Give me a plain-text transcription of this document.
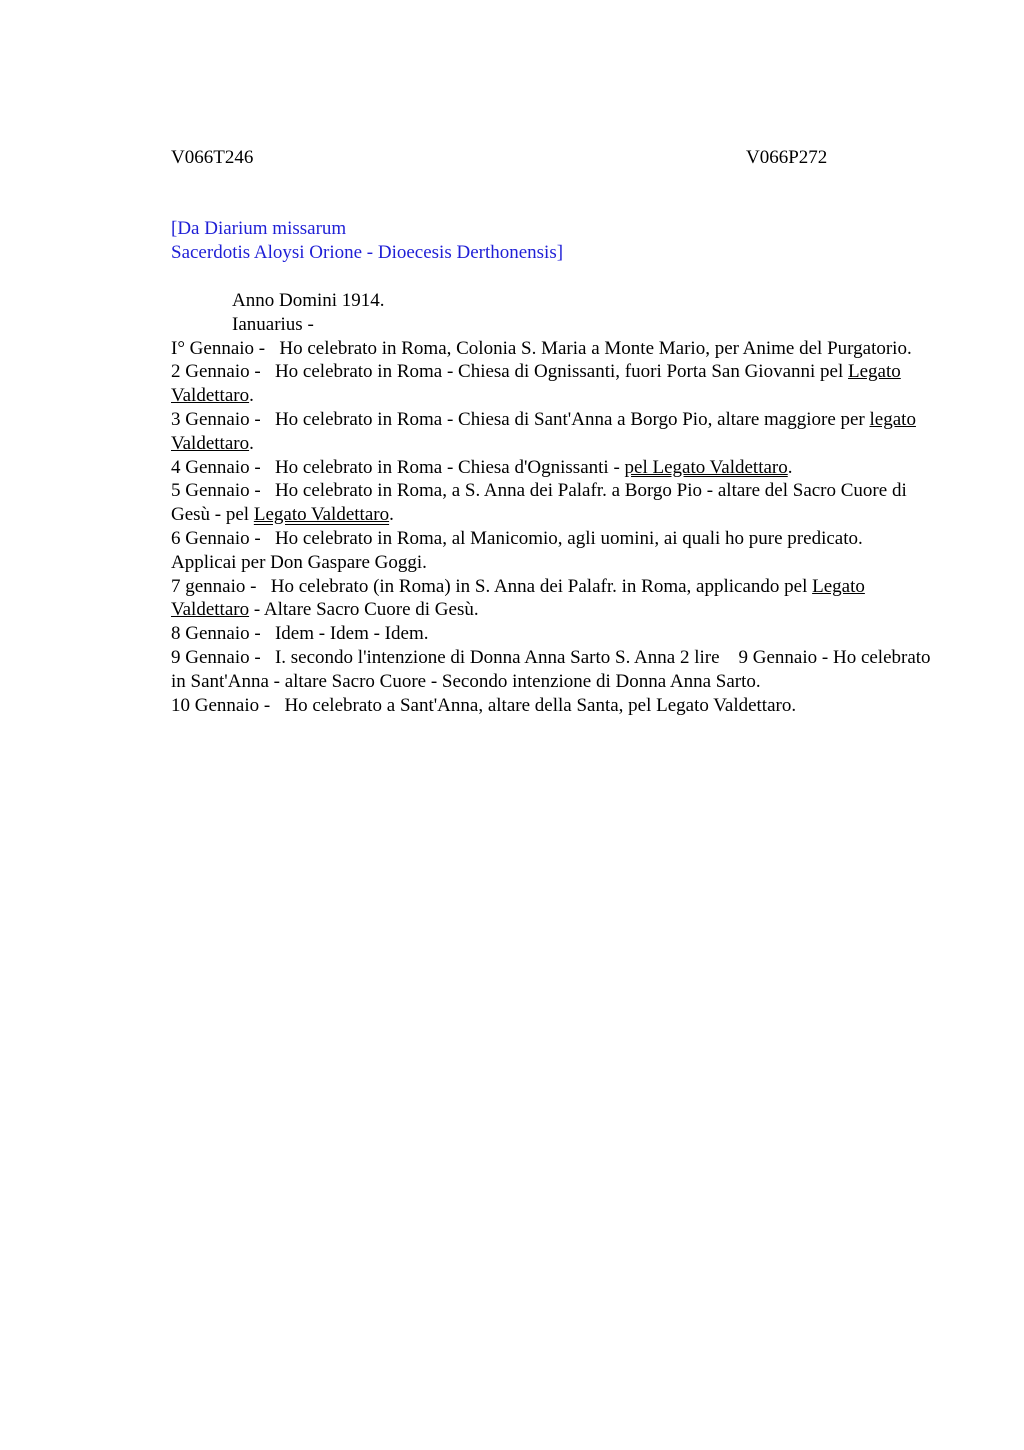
V066T246	V066P272
[Da Diarium missarum
Sacerdotis Aloysi Orione - Dioecesis Derthonensis]
Anno Domini 1914.
Ianuarius -

I° Gennaio - Ho celebrato in Roma, Colonia S. Maria a Monte Mario, per Anime del Purgatorio.

2 Gennaio - Ho celebrato in Roma - Chiesa di Ognissanti, fuori Porta San Giovanni pel Legato Valdettaro.

3 Gennaio - Ho celebrato in Roma - Chiesa di Sant'Anna a Borgo Pio, altare maggiore per legato Valdettaro.

4 Gennaio - Ho celebrato in Roma - Chiesa d'Ognissanti - pel Legato Valdettaro.

5 Gennaio - Ho celebrato in Roma, a S. Anna dei Palafr. a Borgo Pio - altare del Sacro Cuore di Gesù - pel Legato Valdettaro.

6 Gennaio - Ho celebrato in Roma, al Manicomio, agli uomini, ai quali ho pure predicato. Applicai per Don Gaspare Goggi.

7 gennaio - Ho celebrato (in Roma) in S. Anna dei Palafr. in Roma, applicando pel Legato Valdettaro - Altare Sacro Cuore di Gesù.

8 Gennaio - Idem - Idem - Idem.

9 Gennaio - I. secondo l'intenzione di Donna Anna Sarto S. Anna 2 lire 9 Gennaio - Ho celebrato in Sant'Anna - altare Sacro Cuore - Secondo intenzione di Donna Anna Sarto.

10 Gennaio - Ho celebrato a Sant'Anna, altare della Santa, pel Legato Valdettaro.
